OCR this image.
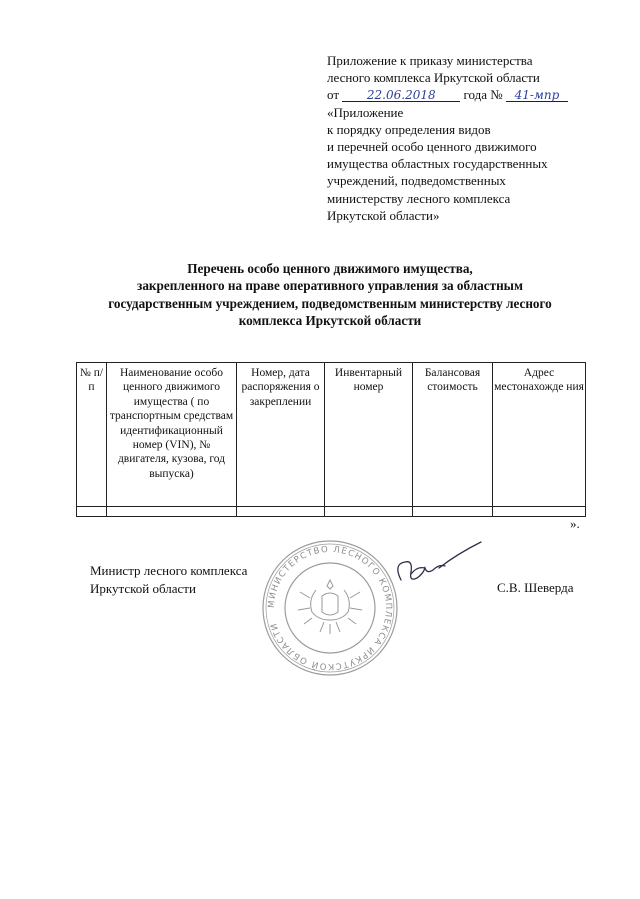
Приложение к приказу министерства
лесного комплекса Иркутской области
от 22.06.2018 года № 41-мпр
«Приложение
к порядку определения видов
и перечней особо ценного движимого
имущества областных государственных
учреждений, подведомственных
министерству лесного комплекса
Иркутской области»
Перечень особо ценного движимого имущества,
закрепленного на праве оперативного управления за областным
государственным учреждением, подведомственным министерству лесного
комплекса Иркутской области
№ п/п	Наименование особо ценного движимого имущества ( по транспортным средствам идентификационный номер (VIN), № двигателя, кузова, год выпуска)	Номер, дата распоряжения о закреплении	Инвентарный номер	Балансовая стоимость	Адрес местонахожде ния

».
МИНИСТЕРСТВО ЛЕСНОГО КОМПЛЕКСА ИРКУТСКОЙ ОБЛАСТИ
Министр лесного комплекса
Иркутской области	С.В. Шеверда
